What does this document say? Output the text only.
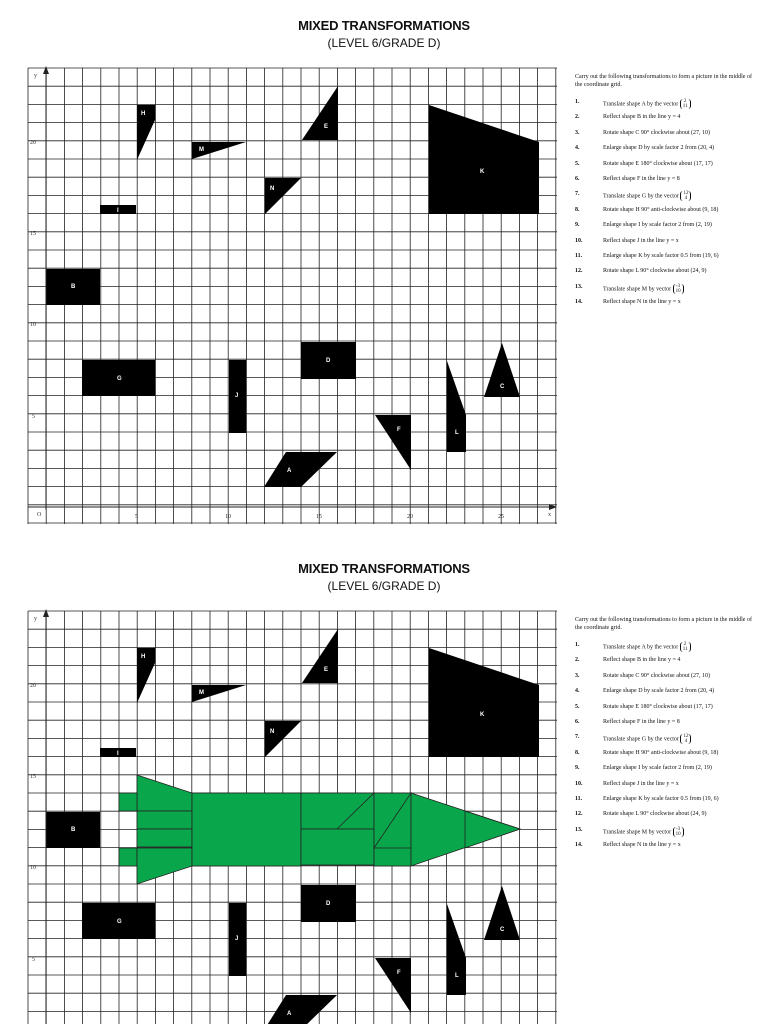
MIXED TRANSFORMATIONS
(LEVEL 6/GRADE D)
A
B
C
D
E
F
G
H
I
J
K
L
M
N
y
x
O	5	10	15	20	25
5
10
15
20
Carry out the following transformations to form a picture in the middle of the coordinate grid.
1.	Translate shape A by the vector 2
11
2.	Reflect shape B in the line y = 4
3.	Rotate shape C 90° clockwise about (27, 10)
4.	Enlarge shape D by scale factor 2 from (20, 4)
5.	Rotate shape E 180° clockwise about (17, 17)
6.	Reflect shape F in the line y = 8
7.	Translate shape G by the vector 12
4
8.	Rotate shape H 90° anti-clockwise about (9, 18)
9.	Enlarge shape I by scale factor 2 from (2, 19)
10.	Reflect shape J in the line y = x
11.	Enlarge shape K by scale factor 0.5 from (19, 6)
12.	Rotate shape L 90° clockwise about (24, 9)
13.	Translate shape M by vector -3
10
14.	Reflect shape N in the line y = x
MIXED TRANSFORMATIONS
(LEVEL 6/GRADE D)
A
B
C
D
E
F
G
H
I
J
K
L
M
N
y
5
10
15
20
Carry out the following transformations to form a picture in the middle of the coordinate grid.
1.	Translate shape A by the vector 2
11
2.	Reflect shape B in the line y = 4
3.	Rotate shape C 90° clockwise about (27, 10)
4.	Enlarge shape D by scale factor 2 from (20, 4)
5.	Rotate shape E 180° clockwise about (17, 17)
6.	Reflect shape F in the line y = 8
7.	Translate shape G by the vector 12
4
8.	Rotate shape H 90° anti-clockwise about (9, 18)
9.	Enlarge shape I by scale factor 2 from (2, 19)
10.	Reflect shape J in the line y = x
11.	Enlarge shape K by scale factor 0.5 from (19, 6)
12.	Rotate shape L 90° clockwise about (24, 9)
13.	Translate shape M by vector -3
10
14.	Reflect shape N in the line y = x
